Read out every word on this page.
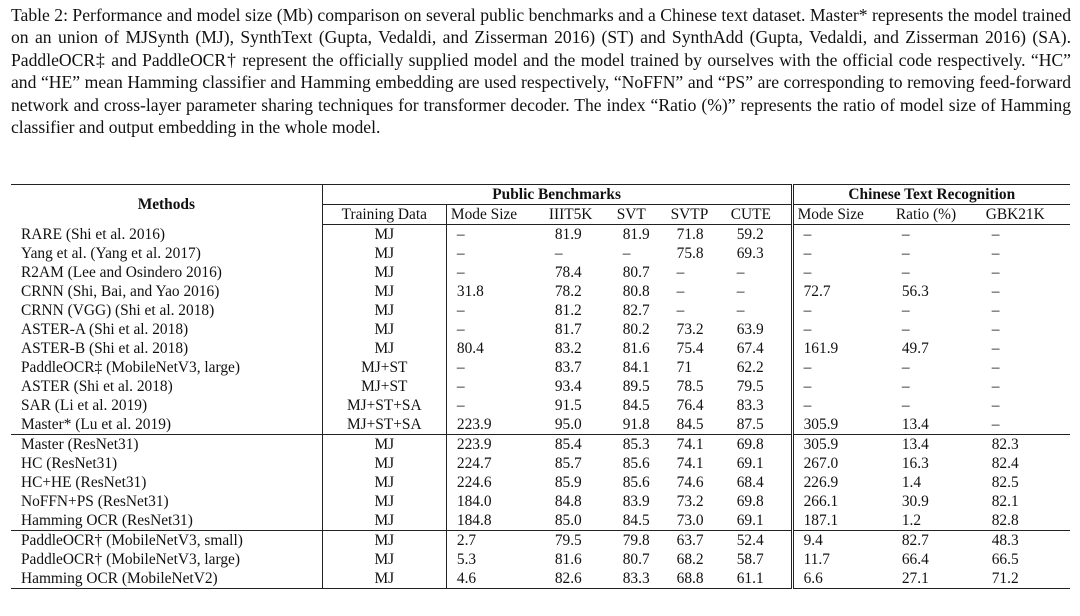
Table 2: Performance and model size (Mb) comparison on several public benchmarks and a Chinese text dataset. Master* represents the model trained on an union of MJSynth (MJ), SynthText (Gupta, Vedaldi, and Zisserman 2016) (ST) and SynthAdd (Gupta, Vedaldi, and Zisserman 2016) (SA). PaddleOCR‡ and PaddleOCR† represent the officially supplied model and the model trained by ourselves with the official code respectively. “HC” and “HE” mean Hamming classifier and Hamming embedding are used respectively, “NoFFN” and “PS” are corresponding to removing feed-forward network and cross-layer parameter sharing techniques for transformer decoder. The index “Ratio (%)” represents the ratio of model size of Hamming classifier and output embedding in the whole model.

Methods	Public Benchmarks						Chinese Text Recognition		
	Training Data	Mode Size	IIIT5K	SVT	SVTP	CUTE	Mode Size	Ratio (%)	GBK21K
RARE (Shi et al. 2016)	MJ	–	81.9	81.9	71.8	59.2	–	–	–
Yang et al. (Yang et al. 2017)	MJ	–	–	–	75.8	69.3	–	–	–
R2AM (Lee and Osindero 2016)	MJ	–	78.4	80.7	–	–	–	–	–
CRNN (Shi, Bai, and Yao 2016)	MJ	31.8	78.2	80.8	–	–	72.7	56.3	–
CRNN (VGG) (Shi et al. 2018)	MJ	–	81.2	82.7	–	–	–	–	–
ASTER-A (Shi et al. 2018)	MJ	–	81.7	80.2	73.2	63.9	–	–	–
ASTER-B (Shi et al. 2018)	MJ	80.4	83.2	81.6	75.4	67.4	161.9	49.7	–
PaddleOCR‡ (MobileNetV3, large)	MJ+ST	–	83.7	84.1	71	62.2	–	–	–
ASTER (Shi et al. 2018)	MJ+ST	–	93.4	89.5	78.5	79.5	–	–	–
SAR (Li et al. 2019)	MJ+ST+SA	–	91.5	84.5	76.4	83.3	–	–	–
Master* (Lu et al. 2019)	MJ+ST+SA	223.9	95.0	91.8	84.5	87.5	305.9	13.4	–
Master (ResNet31)	MJ	223.9	85.4	85.3	74.1	69.8	305.9	13.4	82.3
HC (ResNet31)	MJ	224.7	85.7	85.6	74.1	69.1	267.0	16.3	82.4
HC+HE (ResNet31)	MJ	224.6	85.9	85.6	74.6	68.4	226.9	1.4	82.5
NoFFN+PS (ResNet31)	MJ	184.0	84.8	83.9	73.2	69.8	266.1	30.9	82.1
Hamming OCR (ResNet31)	MJ	184.8	85.0	84.5	73.0	69.1	187.1	1.2	82.8
PaddleOCR† (MobileNetV3, small)	MJ	2.7	79.5	79.8	63.7	52.4	9.4	82.7	48.3
PaddleOCR† (MobileNetV3, large)	MJ	5.3	81.6	80.7	68.2	58.7	11.7	66.4	66.5
Hamming OCR (MobileNetV2)	MJ	4.6	82.6	83.3	68.8	61.1	6.6	27.1	71.2
